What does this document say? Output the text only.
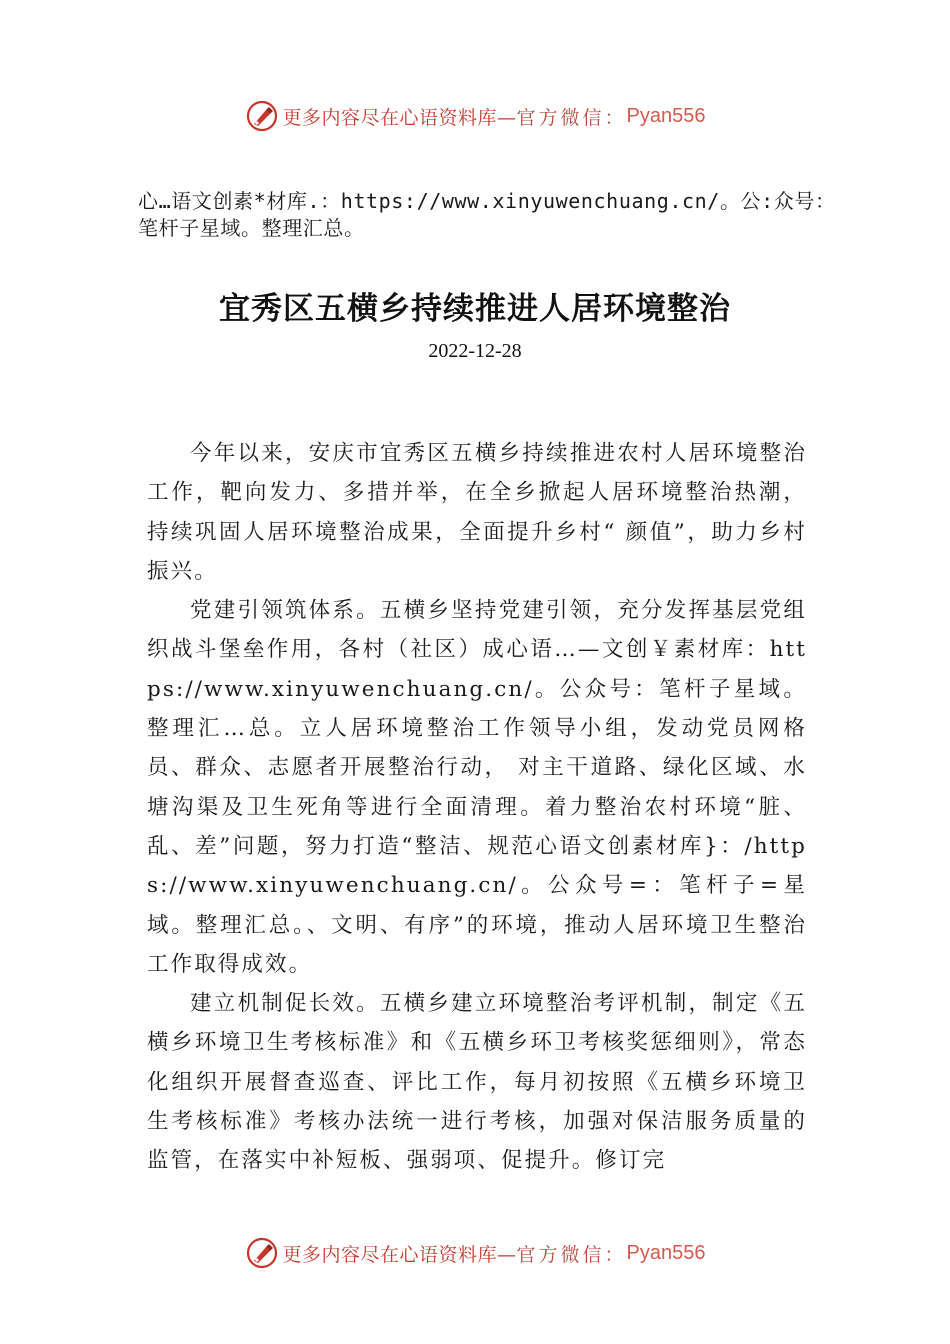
更多内容尽在心语资料库— 官方微信： Pyan556
心…语文创素*材库.：https://www.xinyuwenchuang.cn/。公:众号：笔杆子星域。整理汇总。
宜秀区五横乡持续推进人居环境整治
2022-12-28

今年以来，安庆市宜秀区五横乡持续推进农村人居环境整治工作，靶向发力、多措并举，在全乡掀起人居环境整治热潮，持续巩固人居环境整治成果，全面提升乡村“ 颜值”，助力乡村振兴。

党建引领筑体系。五横乡坚持党建引领，充分发挥基层党组织战斗堡垒作用，各村（社区）成心语…—文创￥素材库：https://www.xinyuwenchuang.cn/。公众号：笔杆子星域。整理汇…总。立人居环境整治工作领导小组，发动党员网格员、群众、志愿者开展整治行动， 对主干道路、绿化区域、水塘沟渠及卫生死角等进行全面清理。着力整治农村环境“脏、乱、差”问题，努力打造“整洁、规范心语文创素材库}：/https://www.xinyuwenchuang.cn/。公众号=：笔杆子=星域。整理汇总。、文明、有序”的环境，推动人居环境卫生整治工作取得成效。

建立机制促长效。五横乡建立环境整治考评机制，制定《五横乡环境卫生考核标准》和《五横乡环卫考核奖惩细则》，常态化组织开展督查巡查、评比工作，每月初按照《五横乡环境卫生考核标准》考核办法统一进行考核，加强对保洁服务质量的监管，在落实中补短板、强弱项、促提升。修订完

更多内容尽在心语资料库— 官方微信： Pyan556
